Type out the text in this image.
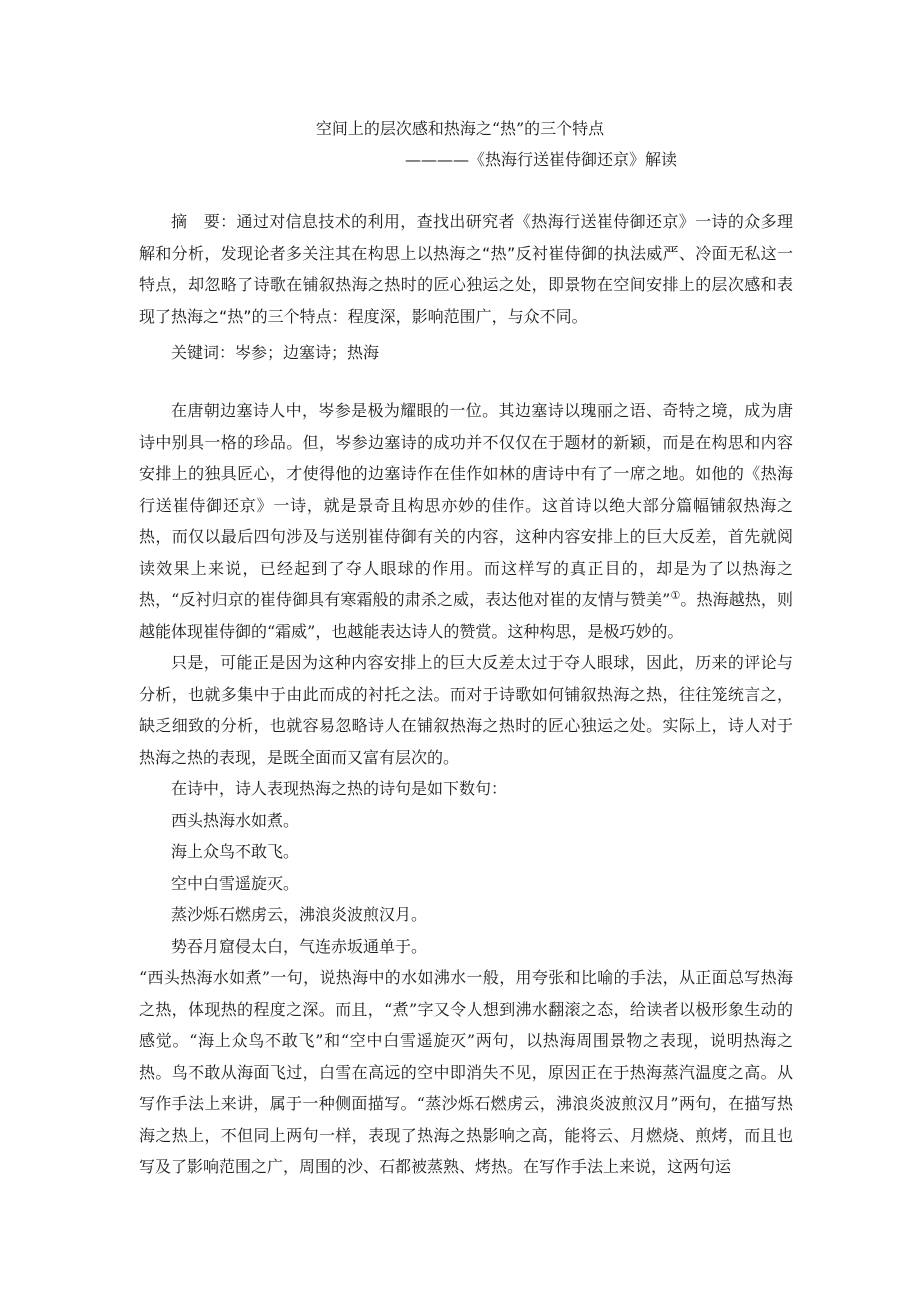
空间上的层次感和热海之“热”的三个特点
————《热海行送崔侍御还京》解读

摘　要：通过对信息技术的利用，查找出研究者《热海行送崔侍御还京》一诗的众多理解和分析，发现论者多关注其在构思上以热海之“热”反衬崔侍御的执法威严、冷面无私这一特点，却忽略了诗歌在铺叙热海之热时的匠心独运之处，即景物在空间安排上的层次感和表现了热海之“热”的三个特点：程度深，影响范围广，与众不同。

关键词：岑参；边塞诗；热海

在唐朝边塞诗人中，岑参是极为耀眼的一位。其边塞诗以瑰丽之语、奇特之境，成为唐诗中别具一格的珍品。但，岑参边塞诗的成功并不仅仅在于题材的新颖，而是在构思和内容安排上的独具匠心，才使得他的边塞诗作在佳作如林的唐诗中有了一席之地。如他的《热海行送崔侍御还京》一诗，就是景奇且构思亦妙的佳作。这首诗以绝大部分篇幅铺叙热海之热，而仅以最后四句涉及与送别崔侍御有关的内容，这种内容安排上的巨大反差，首先就阅读效果上来说，已经起到了夺人眼球的作用。而这样写的真正目的，却是为了以热海之热，“反衬归京的崔侍御具有寒霜般的肃杀之威，表达他对崔的友情与赞美”①。热海越热，则越能体现崔侍御的“霜威”，也越能表达诗人的赞赏。这种构思，是极巧妙的。

只是，可能正是因为这种内容安排上的巨大反差太过于夺人眼球，因此，历来的评论与分析，也就多集中于由此而成的衬托之法。而对于诗歌如何铺叙热海之热，往往笼统言之，缺乏细致的分析，也就容易忽略诗人在铺叙热海之热时的匠心独运之处。实际上，诗人对于热海之热的表现，是既全面而又富有层次的。

在诗中，诗人表现热海之热的诗句是如下数句：

西头热海水如煮。

海上众鸟不敢飞。

空中白雪遥旋灭。

蒸沙烁石燃虏云，沸浪炎波煎汉月。

势吞月窟侵太白，气连赤坂通单于。

“西头热海水如煮”一句，说热海中的水如沸水一般，用夸张和比喻的手法，从正面总写热海之热，体现热的程度之深。而且，“煮”字又令人想到沸水翻滚之态，给读者以极形象生动的感觉。“海上众鸟不敢飞”和“空中白雪遥旋灭”两句，以热海周围景物之表现，说明热海之热。鸟不敢从海面飞过，白雪在高远的空中即消失不见，原因正在于热海蒸汽温度之高。从写作手法上来讲，属于一种侧面描写。“蒸沙烁石燃虏云，沸浪炎波煎汉月”两句，在描写热海之热上，不但同上两句一样，表现了热海之热影响之高，能将云、月燃烧、煎烤，而且也写及了影响范围之广，周围的沙、石都被蒸熟、烤热。在写作手法上来说，这两句运
